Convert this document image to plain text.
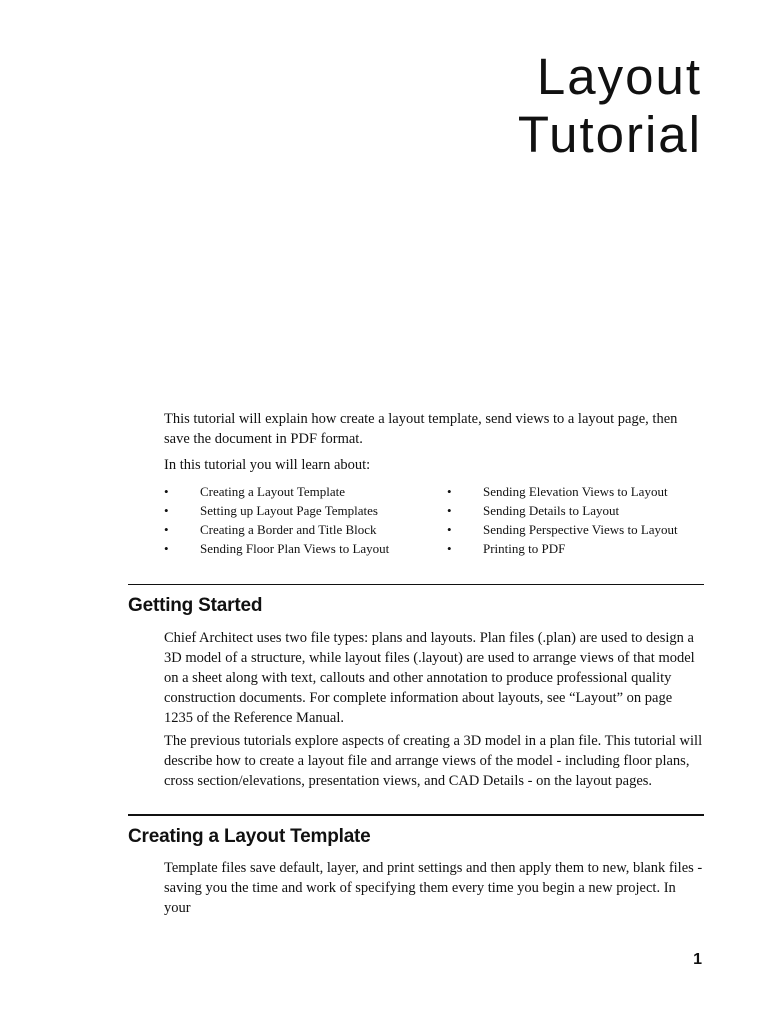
Layout
Tutorial

This tutorial will explain how create a layout template, send views to a layout page, then save the document in PDF format.

In this tutorial you will learn about:

•	Creating a Layout Template
•	Setting up Layout Page Templates
•	Creating a Border and Title Block
•	Sending Floor Plan Views to Layout
•	Sending Elevation Views to Layout
•	Sending Details to Layout
•	Sending Perspective Views to Layout
•	Printing to PDF
Getting Started

Chief Architect uses two file types: plans and layouts. Plan files (.plan) are used to design a 3D model of a structure, while layout files (.layout) are used to arrange views of that model on a sheet along with text, callouts and other annotation to produce professional quality construction documents. For complete information about layouts, see “Layout” on page 1235 of the Reference Manual.

The previous tutorials explore aspects of creating a 3D model in a plan file. This tutorial will describe how to create a layout file and arrange views of the model - including floor plans, cross section/elevations, presentation views, and CAD Details - on the layout pages.

Creating a Layout Template

Template files save default, layer, and print settings and then apply them to new, blank files - saving you the time and work of specifying them every time you begin a new project. In your

1
